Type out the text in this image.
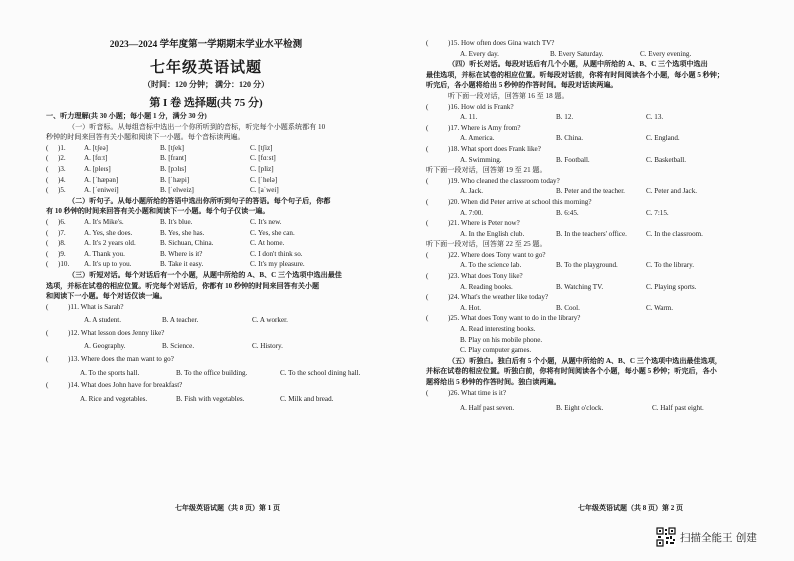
2023—2024 学年度第一学期期末学业水平检测
七年级英语试题
（时间：120 分钟； 满分：120 分）
第 I 卷 选择题(共 75 分)
一、听力理解(共 30 小题；每小题 1 分，满分 30 分)
（一）听音标。从每组音标中选出一个你所听到的音标，听完每个小题系统都有 10
秒钟的时间来回答有关小题和阅读下一小题。每个音标读两遍。
(	)1.	A. [tʃeə]	B. [tʃek]	C. [tʃiz]
(	)2.	A. [fɑːt]	B. [frant]	C. [fɑːst]
(	)3.	A. [pleɪs]	B. [pɔlɪs]	C. [pliz]
(	)4.	A. [ˈhæpən]	B. [ˈhæpi]	C. [ˈhelə]
(	)5.	A. [ˈeniwei]	B. [ˈelweiz]	C. [aˈwei]
（二）听句子。从每小题所给的答语中选出你所听到句子的答语。每个句子后，你都
有 10 秒钟的时间来回答有关小题和阅读下一小题。每个句子仅读一遍。
(	)6.	A. It's Mike's.	B. It's blue.	C. It's new.
(	)7.	A. Yes, she does.	B. Yes, she has.	C. Yes, she can.
(	)8.	A. It's 2 years old.	B. Sichuan, China.	C. At home.
(	)9.	A. Thank you.	B. Where is it?	C. I don't think so.
(	)10.	A. It's up to you.	B. Take it easy.	C. It's my pleasure.
（三）听短对话。每个对话后有一个小题，从题中所给的 A、B、C 三个选项中选出最佳
选项，并标在试卷的相应位置。听完每个对话后，你都有 10 秒钟的时间来回答有关小题
和阅读下一小题。每个对话仅读一遍。
(	)11. What is Sarah?
A. A student.	B. A teacher.	C. A worker.
(	)12. What lesson does Jenny like?
A. Geography.	B. Science.	C. History.
(	)13. Where does the man want to go?
A. To the sports hall.	B. To the office building.	C. To the school dining hall.
(	)14. What does John have for breakfast?
A. Rice and vegetables.	B. Fish with vegetables.	C. Milk and bread.
七年级英语试题（共 8 页）第 1 页
(	)15. How often does Gina watch TV?
A. Every day.	B. Every Saturday.	C. Every evening.
（四）听长对话。每段对话后有几个小题，从题中所给的 A、B、C 三个选项中选出
最佳选项，并标在试卷的相应位置。听每段对话前，你将有时间阅读各个小题，每小题 5 秒钟；
听完后，各小题将给出 5 秒钟的作答时间。每段对话读两遍。
听下面一段对话，回答第 16 至 18 题。
(	)16. How old is Frank?
A. 11.	B. 12.	C. 13.
(	)17. Where is Amy from?
A. America.	B. China.	C. England.
(	)18. What sport does Frank like?
A. Swimming.	B. Football.	C. Basketball.
听下面一段对话，回答第 19 至 21 题。
(	)19. Who cleaned the classroom today?
A. Jack.	B. Peter and the teacher.	C. Peter and Jack.
(	)20. When did Peter arrive at school this morning?
A. 7:00.	B. 6:45.	C. 7:15.
(	)21. Where is Peter now?
A. In the English club.	B. In the teachers' office.	C. In the classroom.
听下面一段对话，回答第 22 至 25 题。
(	)22. Where does Tony want to go?
A. To the science lab.	B. To the playground.	C. To the library.
(	)23. What does Tony like?
A. Reading books.	B. Watching TV.	C. Playing sports.
(	)24. What's the weather like today?
A. Hot.	B. Cool.	C. Warm.
(	)25. What does Tony want to do in the library?
A. Read interesting books.
B. Play on his mobile phone.
C. Play computer games.
（五）听独白。独白后有 5 个小题，从题中所给的 A、B、C 三个选项中选出最佳选项，
并标在试卷的相应位置。听独白前，你将有时间阅读各个小题，每小题 5 秒钟；听完后，各小
题将给出 5 秒钟的作答时间。独白读两遍。
(	)26. What time is it?
A. Half past seven.	B. Eight o'clock.	C. Half past eight.
七年级英语试题（共 8 页）第 2 页
扫描全能王 创建
